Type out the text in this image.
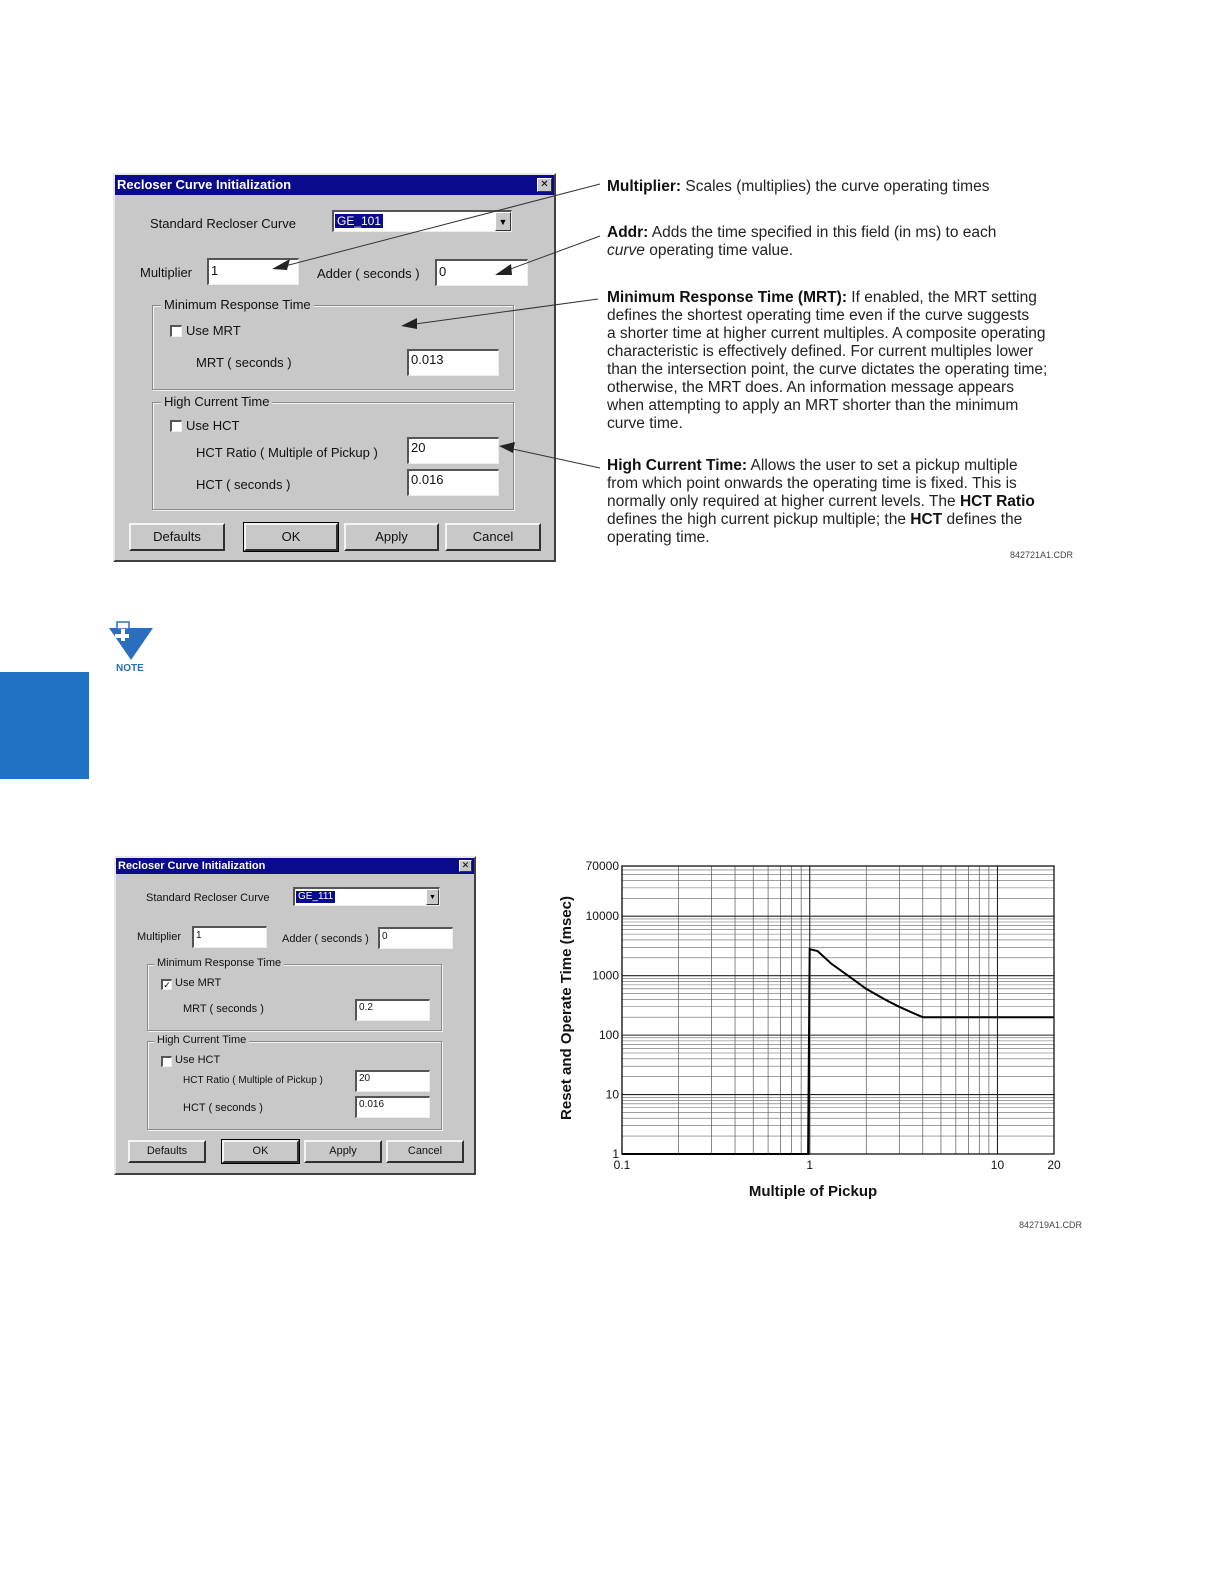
Recloser Curve Initialization	✕
Standard Recloser Curve	GE_101	▼
Multiplier	1	Adder ( seconds )	0
Minimum Response Time
Use MRT
MRT ( seconds )	0.013
High Current Time
Use HCT
HCT Ratio ( Multiple of Pickup )	20
HCT ( seconds )	0.016
Defaults	OK	Apply	Cancel
Multiplier: Scales (multiplies) the curve operating times
Addr: Adds the time specified in this field (in ms) to each
curve operating time value.
Minimum Response Time (MRT): If enabled, the MRT setting
defines the shortest operating time even if the curve suggests
a shorter time at higher current multiples. A composite operating
characteristic is effectively defined. For current multiples lower
than the intersection point, the curve dictates the operating time;
otherwise, the MRT does. An information message appears
when attempting to apply an MRT shorter than the minimum
curve time.
High Current Time: Allows the user to set a pickup multiple
from which point onwards the operating time is fixed. This is
normally only required at higher current levels. The HCT Ratio
defines the high current pickup multiple; the HCT defines the
operating time.
842721A1.CDR
NOTE
Recloser Curve Initialization	✕
Standard Recloser Curve	GE_111	▼
Multiplier	1	Adder ( seconds )	0
Minimum Response Time
✓ Use MRT
MRT ( seconds )	0.2
High Current Time
Use HCT
HCT Ratio ( Multiple of Pickup )	20
HCT ( seconds )	0.016
Defaults	OK	Apply	Cancel
70000
10000
1000
100
10
1
0.1	1	10	20
Multiple of Pickup
Reset and Operate Time (msec)
842719A1.CDR
